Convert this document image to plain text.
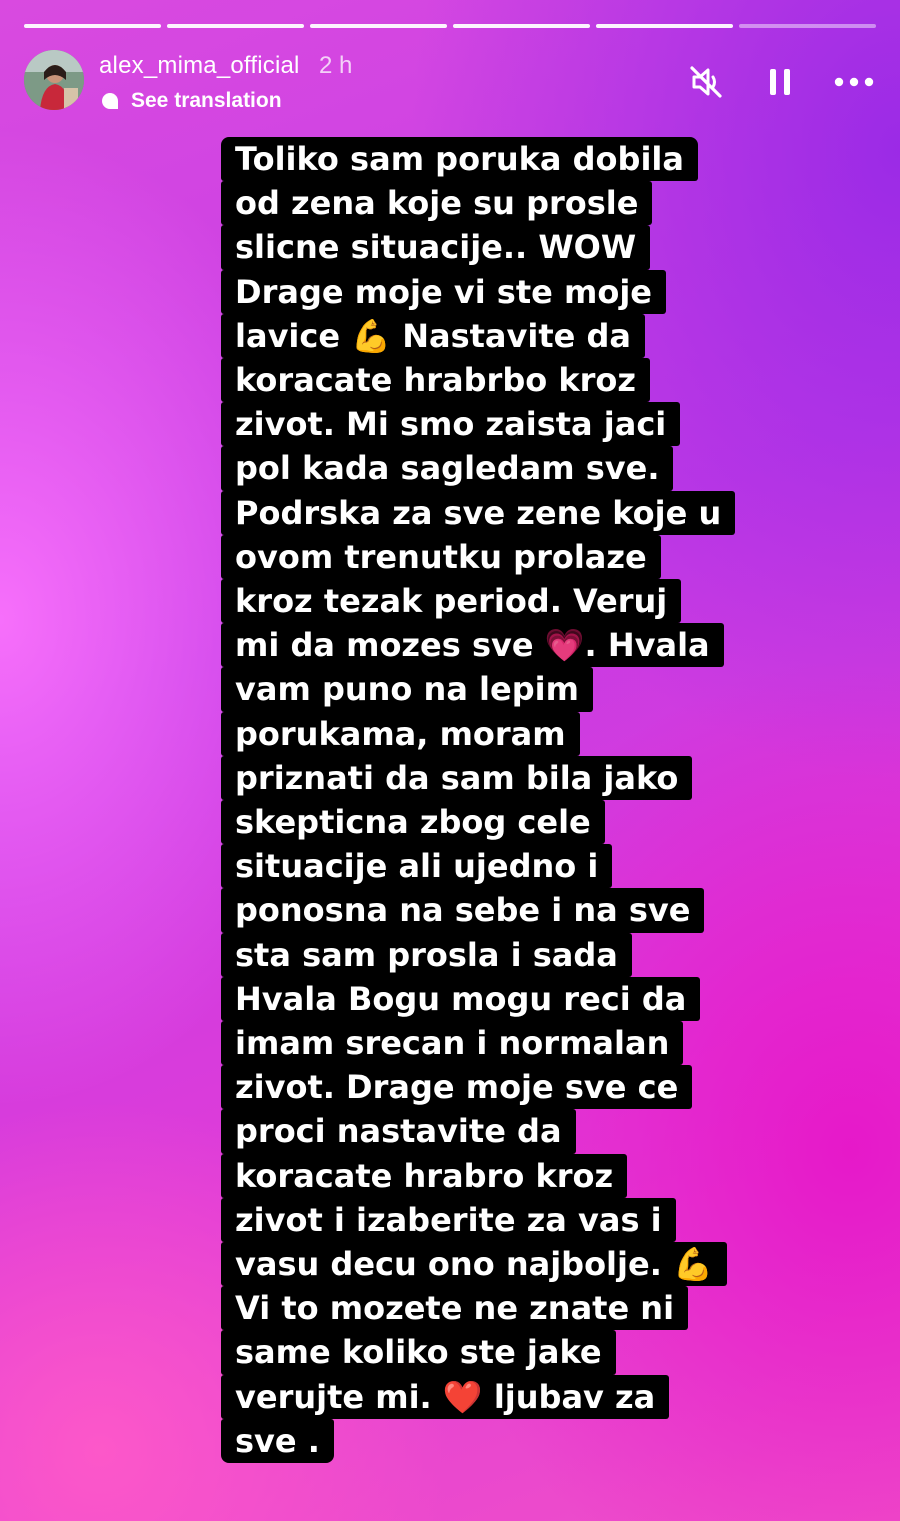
alex_mima_official 2 h
See translation
Toliko sam poruka dobila
od zena koje su prosle
slicne situacije.. WOW
Drage moje vi ste moje
lavice 💪 Nastavite da
koracate hrabrbo kroz
zivot. Mi smo zaista jaci
pol kada sagledam sve.
Podrska za sve zene koje u
ovom trenutku prolaze
kroz tezak period. Veruj
mi da mozes sve 💗. Hvala
vam puno na lepim
porukama, moram
priznati da sam bila jako
skepticna zbog cele
situacije ali ujedno i
ponosna na sebe i na sve
sta sam prosla i sada
Hvala Bogu mogu reci da
imam srecan i normalan
zivot. Drage moje sve ce
proci nastavite da
koracate hrabro kroz
zivot i izaberite za vas i
vasu decu ono najbolje. 💪
Vi to mozete ne znate ni
same koliko ste jake
verujte mi. ❤️ ljubav za
sve .
